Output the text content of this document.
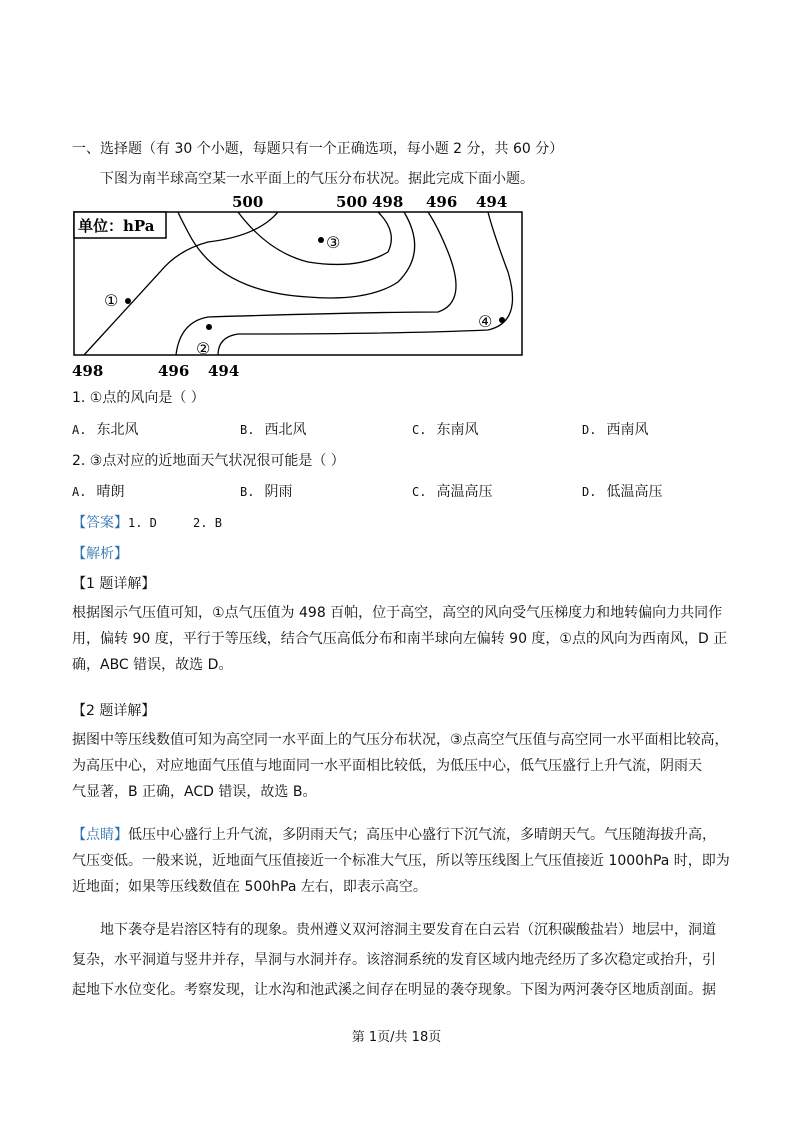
一、选择题（有 30 个小题，每题只有一个正确选项，每小题 2 分，共 60 分）
下图为南半球高空某一水平面上的气压分布状况。据此完成下面小题。
单位：hPa
500	500 498 496 494
498	496 494
①
②
③
④
1. ①点的风向是（ ）
A. 东北风	B. 西北风	C. 东南风	D. 西南风
2. ③点对应的近地面天气状况很可能是（ ）
A. 晴朗	B. 阴雨	C. 高温高压	D. 低温高压
【答案】1. D     2. B
【解析】
【1 题详解】
根据图示气压值可知，①点气压值为 498 百帕，位于高空，高空的风向受气压梯度力和地转偏向力共同作
用，偏转 90 度，平行于等压线，结合气压高低分布和南半球向左偏转 90 度，①点的风向为西南风，D 正
确，ABC 错误，故选 D。
【2 题详解】
据图中等压线数值可知为高空同一水平面上的气压分布状况，③点高空气压值与高空同一水平面相比较高，
为高压中心，对应地面气压值与地面同一水平面相比较低，为低压中心，低气压盛行上升气流，阴雨天
气显著，B 正确，ACD 错误，故选 B。
【点睛】低压中心盛行上升气流，多阴雨天气；高压中心盛行下沉气流，多晴朗天气。气压随海拔升高，
气压变低。一般来说，近地面气压值接近一个标准大气压，所以等压线图上气压值接近 1000hPa 时，即为
近地面；如果等压线数值在 500hPa 左右，即表示高空。
地下袭夺是岩溶区特有的现象。贵州遵义双河溶洞主要发育在白云岩（沉积碳酸盐岩）地层中，洞道
复杂，水平洞道与竖井并存，旱洞与水洞并存。该溶洞系统的发育区域内地壳经历了多次稳定或抬升，引
起地下水位变化。考察发现，让水沟和池武溪之间存在明显的袭夺现象。下图为两河袭夺区地质剖面。据
第 1页/共 18页
